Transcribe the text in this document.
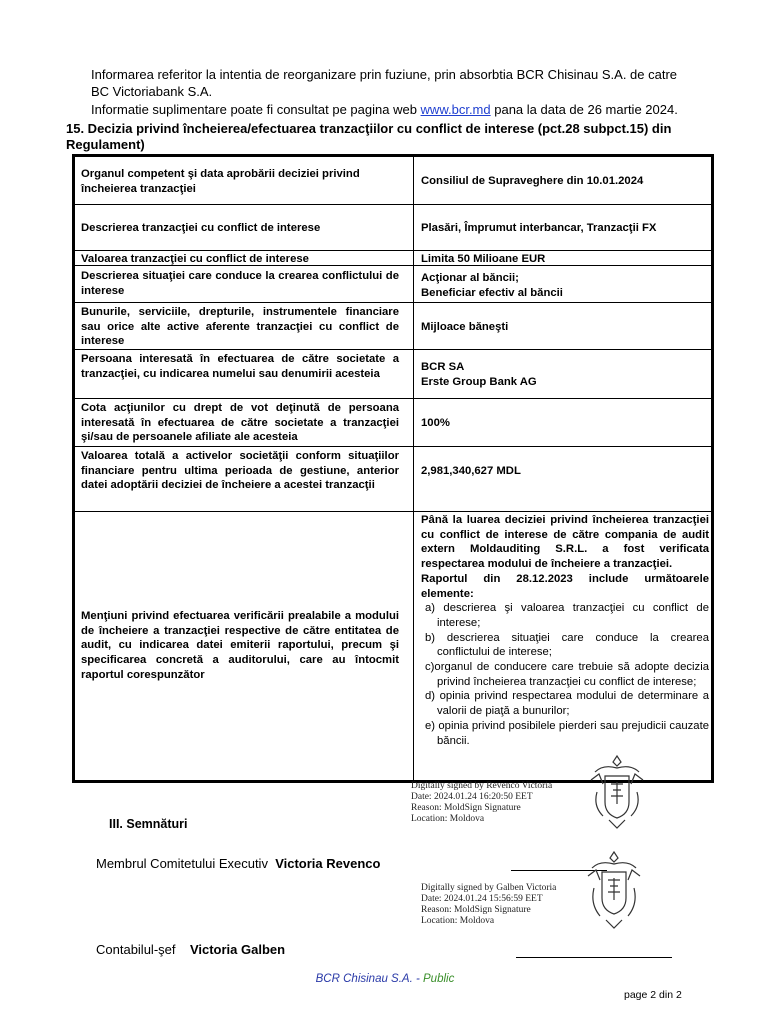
Informarea referitor la intentia de reorganizare prin fuziune, prin absorbtia BCR Chisinau S.A. de catre
BC Victoriabank S.A.
Informatie suplimentare poate fi consultat pe pagina web www.bcr.md pana la data de 26 martie 2024.
15. Decizia privind încheierea/efectuarea tranzacţiilor cu conflict de interese (pct.28 subpct.15) din Regulament)
Organul competent şi data aprobării deciziei privind încheierea tranzacţiei
Consiliul de Supraveghere din 10.01.2024
Descrierea tranzacţiei cu conflict de interese	Plasări, Împrumut interbancar, Tranzacţii FX
Valoarea tranzacţiei cu conflict de interese	Limita 50 Milioane EUR
Descrierea situaţiei care conduce la crearea conflictului de interese
Acţionar al băncii;
Beneficiar efectiv al băncii
Bunurile, serviciile, drepturile, instrumentele financiare sau orice alte active aferente tranzacţiei cu conflict de interese
Mijloace băneşti
Persoana interesată în efectuarea de către societate a tranzacţiei, cu indicarea numelui sau denumirii acesteia
BCR SA
Erste Group Bank AG
Cota acţiunilor cu drept de vot deţinută de persoana interesată în efectuarea de către societate a tranzacţiei şi/sau de persoanele afiliate ale acesteia
100%
Valoarea totală a activelor societăţii conform situaţiilor financiare pentru ultima perioada de gestiune, anterior datei adoptării deciziei de încheiere a acestei tranzacţii
2,981,340,627 MDL
Menţiuni privind efectuarea verificării prealabile a modului de încheiere a tranzacţiei respective de către entitatea de audit, cu indicarea datei emiterii raportului, precum şi specificarea concretă a auditorului, care au întocmit raportul corespunzător
Până la luarea deciziei privind încheierea tranzacţiei cu conflict de interese de către compania de audit extern Moldauditing S.R.L. a fost verificata respectarea modului de încheiere a tranzacţiei.
Raportul din 28.12.2023 include următoarele elemente:
a) descrierea şi valoarea tranzacţiei cu conflict de interese;
b) descrierea situaţiei care conduce la crearea conflictului de interese;
c)organul de conducere care trebuie să adopte decizia privind încheierea tranzacţiei cu conflict de interese;
d) opinia privind respectarea modului de determinare a valorii de piaţă a bunurilor;
e) opinia privind posibilele pierderi sau prejudicii cauzate băncii.
Digitally signed by Revenco Victoria
Date: 2024.01.24 16:20:50 EET
Reason: MoldSign Signature
Location: Moldova
III. Semnături
Membrul Comitetului Executiv Victoria Revenco
Digitally signed by Galben Victoria
Date: 2024.01.24 15:56:59 EET
Reason: MoldSign Signature
Location: Moldova
Contabilul-şef Victoria Galben
BCR Chisinau S.A. - Public
page 2 din 2
